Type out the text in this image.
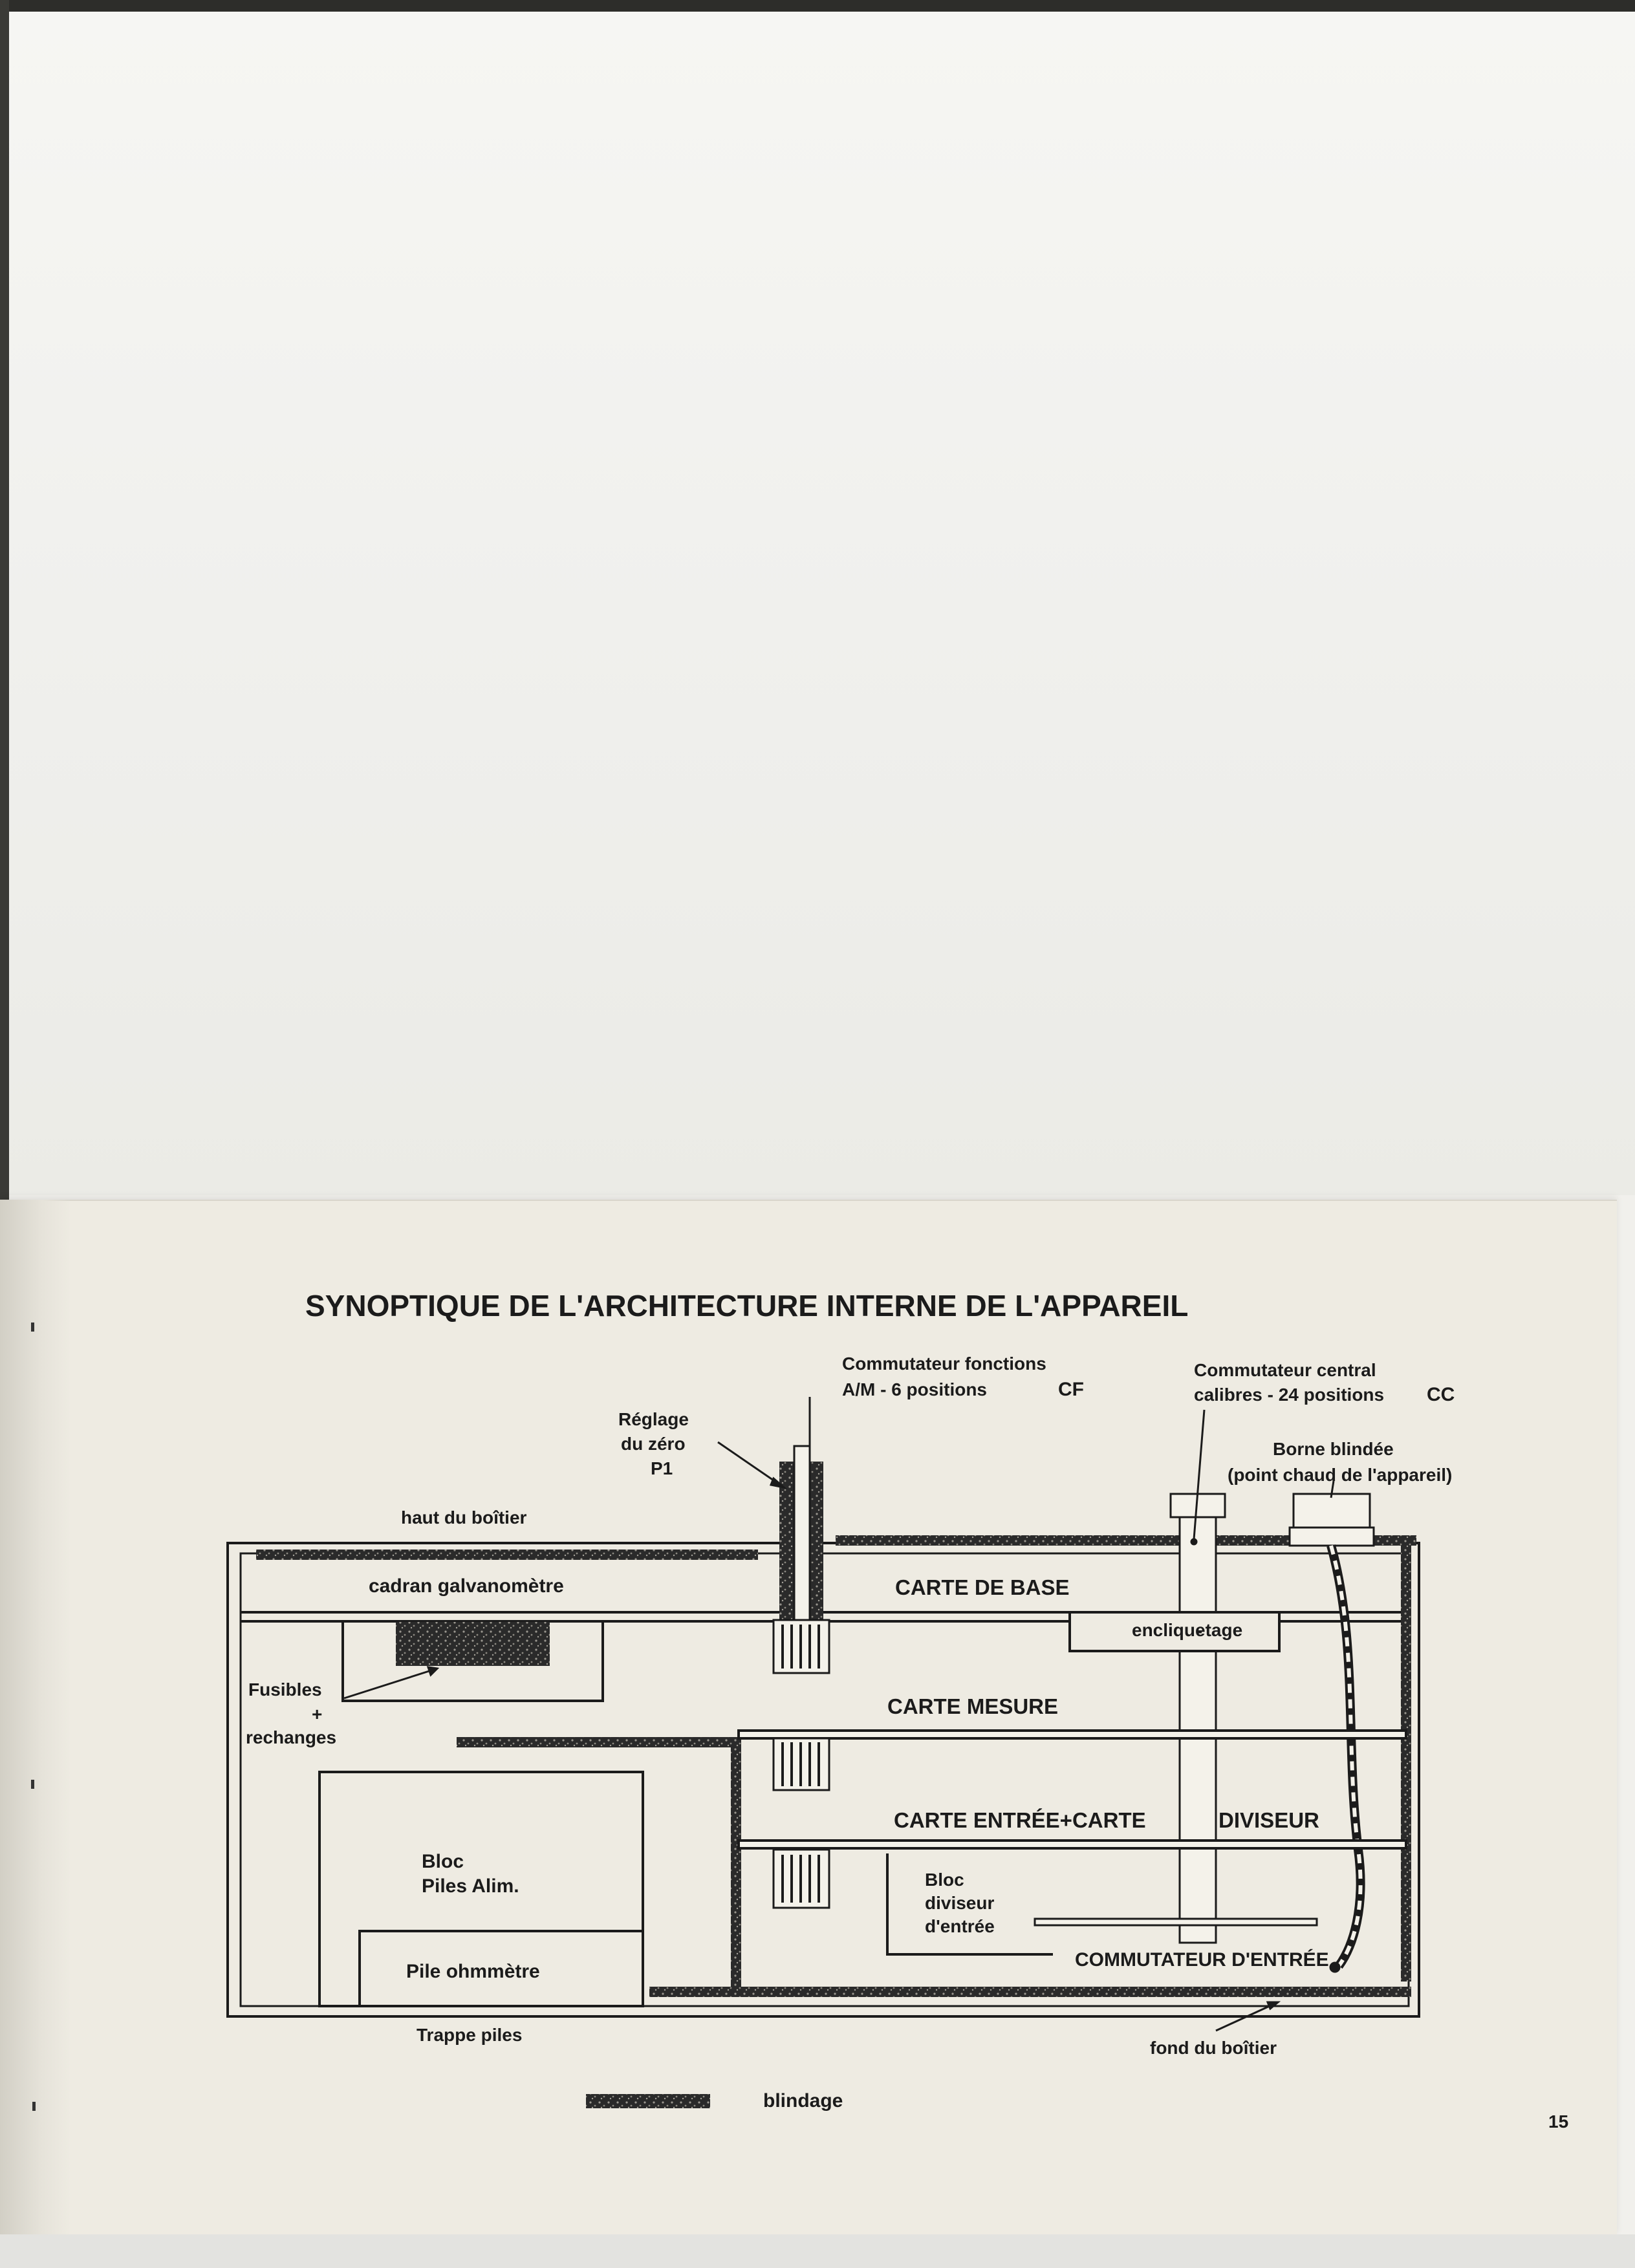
SYNOPTIQUE DE L'ARCHITECTURE INTERNE DE L'APPAREIL
Commutateur fonctions
A/M - 6 positions	CF
Commutateur central
calibres - 24 positions CC
Réglage
du zéro
P1
Borne blindée
(point chaud de l'appareil)
haut du boîtier
cadran galvanomètre	CARTE DE BASE
encliquetage
Fusibles
+
rechanges
CARTE MESURE
CARTE ENTRÉE+CARTE	DIVISEUR
Bloc
Piles Alim.	Bloc
diviseur
d'entrée
Pile ohmmètre
COMMUTATEUR D'ENTRÉE
Trappe piles
fond du boîtier
blindage
15
